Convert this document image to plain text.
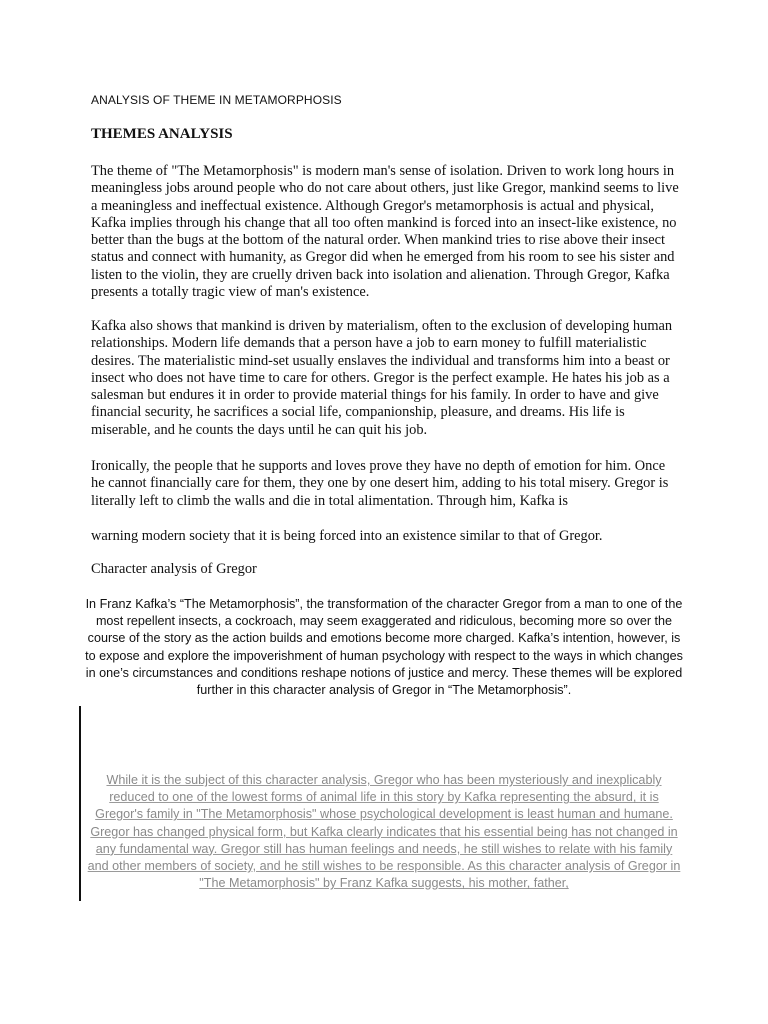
ANALYSIS OF THEME IN METAMORPHOSIS
THEMES ANALYSIS

The theme of "The Metamorphosis" is modern man's sense of isolation. Driven to work long hours in meaningless jobs around people who do not care about others, just like Gregor, mankind seems to live a meaningless and ineffectual existence. Although Gregor's metamorphosis is actual and physical, Kafka implies through his change that all too often mankind is forced into an insect-like existence, no better than the bugs at the bottom of the natural order. When mankind tries to rise above their insect status and connect with humanity, as Gregor did when he emerged from his room to see his sister and listen to the violin, they are cruelly driven back into isolation and alienation. Through Gregor, Kafka presents a totally tragic view of man's existence.

Kafka also shows that mankind is driven by materialism, often to the exclusion of developing human relationships. Modern life demands that a person have a job to earn money to fulfill materialistic desires. The materialistic mind-set usually enslaves the individual and transforms him into a beast or insect who does not have time to care for others. Gregor is the perfect example. He hates his job as a salesman but endures it in order to provide material things for his family. In order to have and give financial security, he sacrifices a social life, companionship, pleasure, and dreams. His life is miserable, and he counts the days until he can quit his job.

Ironically, the people that he supports and loves prove they have no depth of emotion for him. Once he cannot financially care for them, they one by one desert him, adding to his total misery. Gregor is literally left to climb the walls and die in total alimentation. Through him, Kafka is

warning modern society that it is being forced into an existence similar to that of Gregor.

Character analysis of Gregor

In Franz Kafka’s “The Metamorphosis”, the transformation of the character Gregor from a man to one of the most repellent insects, a cockroach, may seem exaggerated and ridiculous, becoming more so over the course of the story as the action builds and emotions become more charged. Kafka’s intention, however, is to expose and explore the impoverishment of human psychology with respect to the ways in which changes in one’s circumstances and conditions reshape notions of justice and mercy. These themes will be explored further in this character analysis of Gregor in “The Metamorphosis”.

While it is the subject of this character analysis, Gregor who has been mysteriously and inexplicably reduced to one of the lowest forms of animal life in this story by Kafka representing the absurd, it is Gregor's family in "The Metamorphosis" whose psychological development is least human and humane. Gregor has changed physical form, but Kafka clearly indicates that his essential being has not changed in any fundamental way. Gregor still has human feelings and needs, he still wishes to relate with his family and other members of society, and he still wishes to be responsible. As this character analysis of Gregor in "The Metamorphosis" by Franz Kafka suggests, his mother, father,
